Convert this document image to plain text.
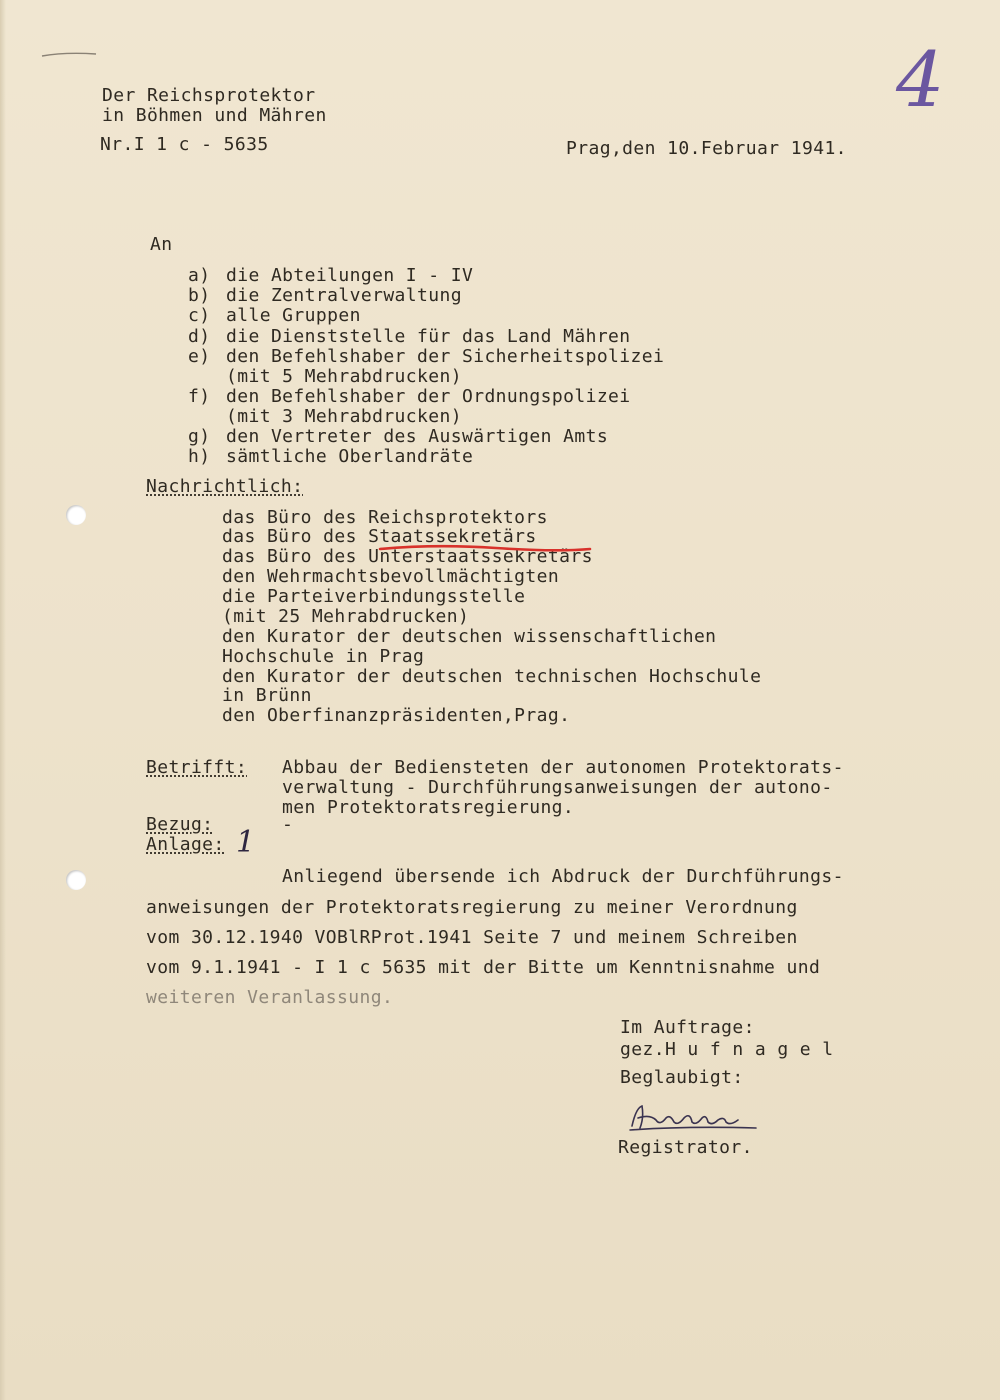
Der Reichsprotektor
in Böhmen und Mähren
Nr.I 1 c - 5635	Prag,den 10.Februar 1941.
4
An
a) die Abteilungen I - IV
b) die Zentralverwaltung
c) alle Gruppen
d) die Dienststelle für das Land Mähren
e) den Befehlshaber der Sicherheitspolizei
(mit 5 Mehrabdrucken)
f) den Befehlshaber der Ordnungspolizei
(mit 3 Mehrabdrucken)
g) den Vertreter des Auswärtigen Amts
h) sämtliche Oberlandräte
Nachrichtlich:
das Büro des Reichsprotektors
das Büro des Staatssekretärs
das Büro des Unterstaatssekretärs
den Wehrmachtsbevollmächtigten
die Parteiverbindungsstelle
(mit 25 Mehrabdrucken)
den Kurator der deutschen wissenschaftlichen
Hochschule in Prag
den Kurator der deutschen technischen Hochschule
in Brünn
den Oberfinanzpräsidenten,Prag.
Betrifft: Abbau der Bediensteten der autonomen Protektorats-
verwaltung - Durchführungsanweisungen der autono-
men Protektoratsregierung.
Bezug:	-
Anlage: 1
Anliegend übersende ich Abdruck der Durchführungs-
anweisungen der Protektoratsregierung zu meiner Verordnung
vom 30.12.1940 VOBlRProt.1941 Seite 7 und meinem Schreiben
vom 9.1.1941 - I 1 c 5635 mit der Bitte um Kenntnisnahme und
weiteren Veranlassung.
Im Auftrage:
gez.H u f n a g e l
Beglaubigt:
Registrator.
